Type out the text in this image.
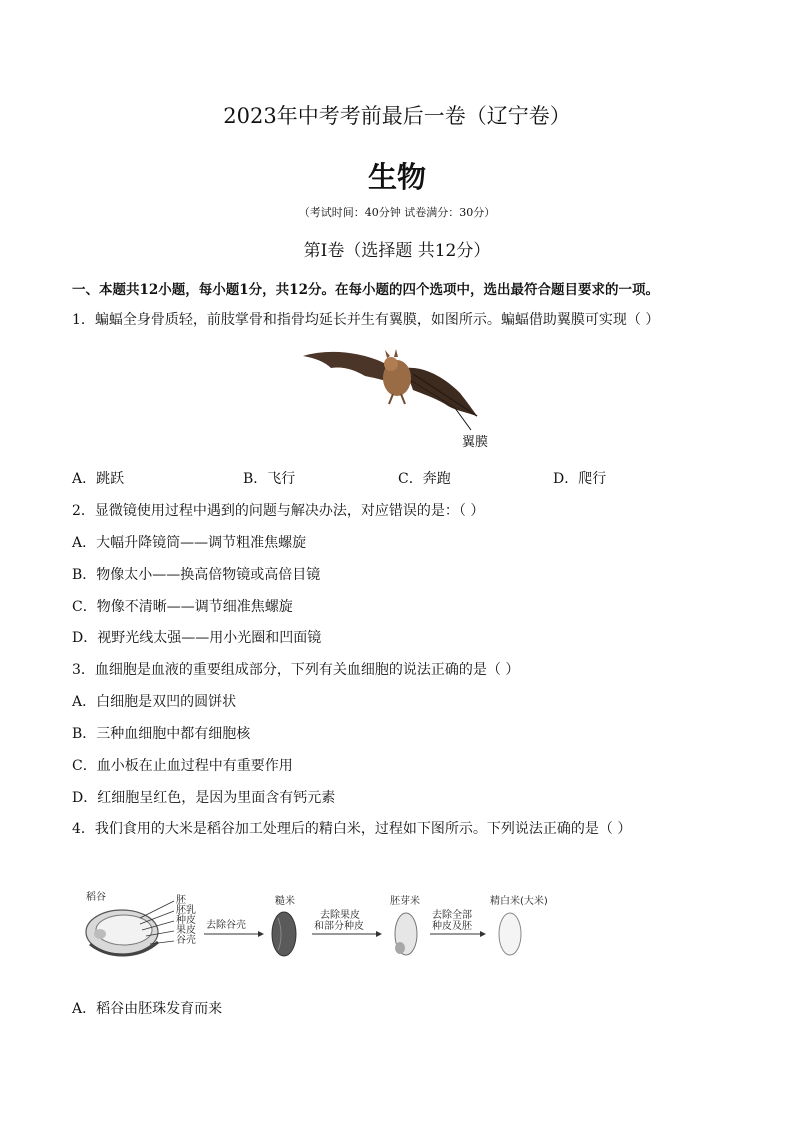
2023年中考考前最后一卷（辽宁卷）
生物
（考试时间：40分钟 试卷满分：30分）
第Ⅰ卷（选择题 共12分）
一、本题共12小题，每小题1分，共12分。在每小题的四个选项中，选出最符合题目要求的一项。
1．蝙蝠全身骨质轻，前肢掌骨和指骨均延长并生有翼膜，如图所示。蝙蝠借助翼膜可实现（ ）
翼膜
A．跳跃	B．飞行	C．奔跑	D．爬行
2．显微镜使用过程中遇到的问题与解决办法，对应错误的是：（ ）
A．大幅升降镜筒——调节粗准焦螺旋
B．物像太小——换高倍物镜或高倍目镜
C．物像不清晰——调节细准焦螺旋
D．视野光线太强——用小光圈和凹面镜
3．血细胞是血液的重要组成部分，下列有关血细胞的说法正确的是（ ）
A．白细胞是双凹的圆饼状
B．三种血细胞中都有细胞核
C．血小板在止血过程中有重要作用
D．红细胞呈红色，是因为里面含有钙元素
4．我们食用的大米是稻谷加工处理后的精白米，过程如下图所示。下列说法正确的是（ ）
稻谷	胚
胚乳
种皮
果皮
谷壳
去除谷壳
糙米
去除果皮
和部分种皮
胚芽米
去除全部
种皮及胚
精白米(大米)
A．稻谷由胚珠发育而来
